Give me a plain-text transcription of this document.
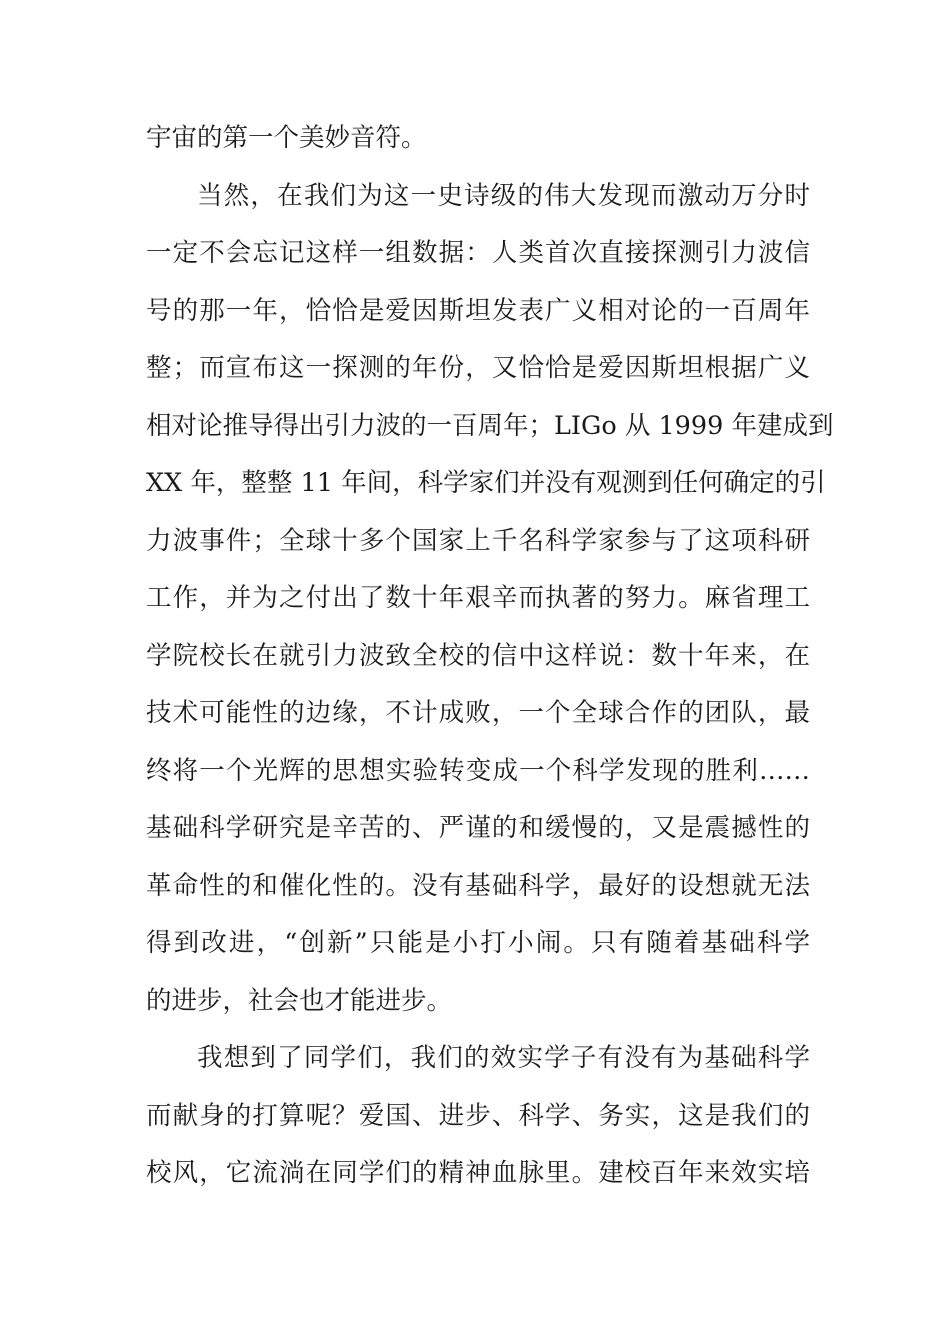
宇宙的第一个美妙音符。
当然，在我们为这一史诗级的伟大发现而激动万分时
一定不会忘记这样一组数据：人类首次直接探测引力波信
号的那一年，恰恰是爱因斯坦发表广义相对论的一百周年
整；而宣布这一探测的年份，又恰恰是爱因斯坦根据广义
相对论推导得出引力波的一百周年；LIGo 从 1999 年建成到
XX 年，整整 11 年间，科学家们并没有观测到任何确定的引
力波事件；全球十多个国家上千名科学家参与了这项科研
工作，并为之付出了数十年艰辛而执著的努力。麻省理工
学院校长在就引力波致全校的信中这样说：数十年来，在
技术可能性的边缘，不计成败，一个全球合作的团队，最
终将一个光辉的思想实验转变成一个科学发现的胜利……
基础科学研究是辛苦的、严谨的和缓慢的，又是震撼性的
革命性的和催化性的。没有基础科学，最好的设想就无法
得到改进，“创新”只能是小打小闹。只有随着基础科学
的进步，社会也才能进步。
我想到了同学们，我们的效实学子有没有为基础科学
而献身的打算呢？爱国、进步、科学、务实，这是我们的
校风，它流淌在同学们的精神血脉里。建校百年来效实培
